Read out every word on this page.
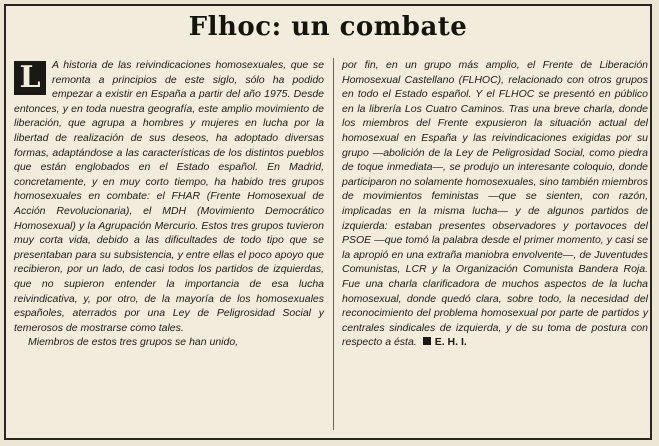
Flhoc: un combate

L	A historia de las reivindicaciones homosexuales, que se remonta a principios de este siglo, sólo ha podido empezar a existir en España a partir del año 1975. Desde entonces, y en toda nuestra geografía, este amplio movimiento de liberación, que agrupa a hombres y mujeres en lucha por la libertad de realización de sus deseos, ha adoptado diversas formas, adaptándose a las características de los distintos pueblos que están englobados en el Estado español. En Madrid, concretamente, y en muy corto tiempo, ha habido tres grupos homosexuales en combate: el FHAR (Frente Homosexual de Acción Revolucionaria), el MDH (Movimiento Democrático Homosexual) y la Agrupación Mercurio. Estos tres grupos tuvieron muy corta vida, debido a las dificultades de todo tipo que se presentaban para su subsistencia, y entre ellas el poco apoyo que recibieron, por un lado, de casi todos los partidos de izquierdas, que no supieron entender la importancia de esa lucha reivindicativa, y, por otro, de la mayoría de los homosexuales españoles, aterrados por una Ley de Peligrosidad Social y temerosos de mostrarse como tales.

Miembros de estos tres grupos se han unido,

por fin, en un grupo más amplio, el Frente de Liberación Homosexual Castellano (FLHOC), relacionado con otros grupos en todo el Estado español. Y el FLHOC se presentó en público en la librería Los Cuatro Caminos. Tras una breve charla, donde los miembros del Frente expusieron la situación actual del homosexual en España y las reivindicaciones exigidas por su grupo —abolición de la Ley de Peligrosidad Social, como piedra de toque inmediata—, se produjo un interesante coloquio, donde participaron no solamente homosexuales, sino también miembros de movimientos feministas —que se sienten, con razón, implicadas en la misma lucha— y de algunos partidos de izquierda: estaban presentes observadores y portavoces del PSOE —que tomó la palabra desde el primer momento, y casi se la apropió en una extraña maniobra envolvente—, de Juventudes Comunistas, LCR y la Organización Comunista Bandera Roja. Fue una charla clarificadora de muchos aspectos de la lucha homosexual, donde quedó clara, sobre todo, la necesidad del reconocimiento del problema homosexual por parte de partidos y centrales sindicales de izquierda, y de su toma de postura con respecto a ésta. E. H. I.
